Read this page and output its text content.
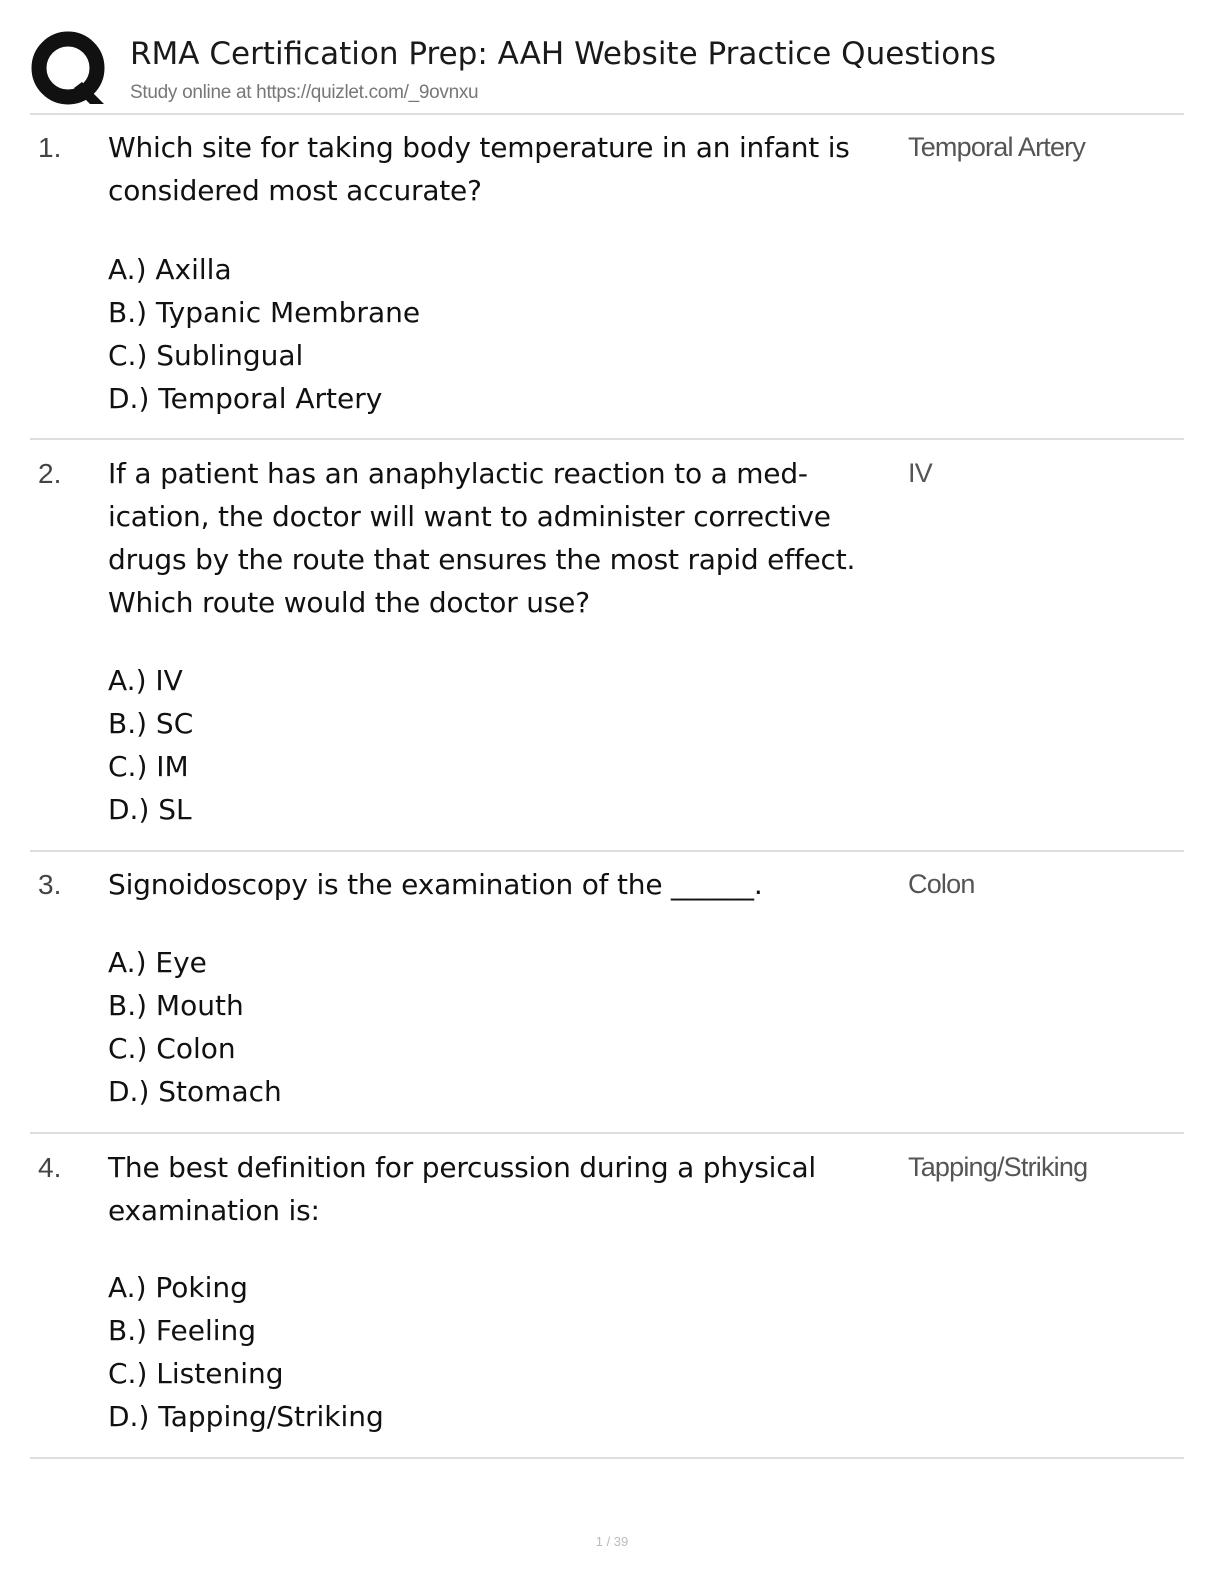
RMA Certification Prep: AAH Website Practice Questions
Study online at https://quizlet.com/_9ovnxu
1. Which site for taking body temperature in an infant is considered most accurate?
A.) Axilla
B.) Typanic Membrane
C.) Sublingual
D.) Temporal Artery
Temporal Artery
2. If a patient has an anaphylactic reaction to a med- ication, the doctor will want to administer corrective drugs by the route that ensures the most rapid effect. Which route would the doctor use?
A.) IV
B.) SC
C.) IM
D.) SL
IV
3. Signoidoscopy is the examination of the ______.
A.) Eye
B.) Mouth
C.) Colon
D.) Stomach
Colon
4. The best definition for percussion during a physical examination is:
A.) Poking
B.) Feeling
C.) Listening
D.) Tapping/Striking
Tapping/Striking
1 / 39
